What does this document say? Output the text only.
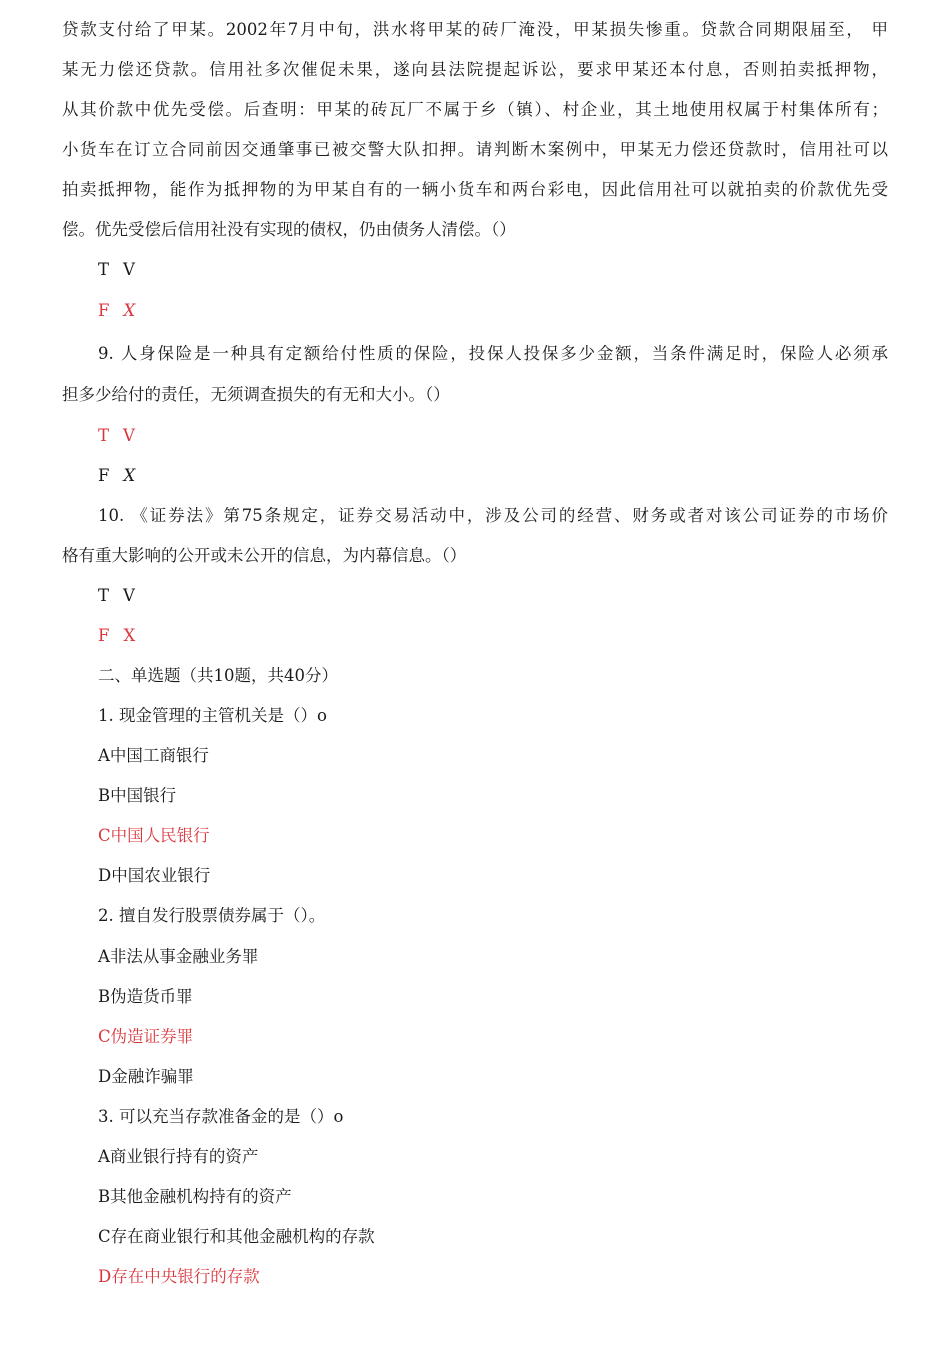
贷款支付给了甲某。2002年7月中旬，洪水将甲某的砖厂淹没，甲某损失惨重。贷款合同期限届至， 甲
某无力偿还贷款。信用社多次催促未果，遂向县法院提起诉讼，要求甲某还本付息，否则拍卖抵押物，
从其价款中优先受偿。后查明：甲某的砖瓦厂不属于乡（镇）、村企业，其土地使用权属于村集体所有；
小货车在订立合同前因交通肇事已被交警大队扣押。请判断木案例中，甲某无力偿还贷款时，信用社可以
拍卖抵押物，能作为抵押物的为甲某自有的一辆小货车和两台彩电，因此信用社可以就拍卖的价款优先受
偿。优先受偿后信用社没有实现的债权，仍由债务人清偿。（）
T V
F X
9. 人身保险是一种具有定额给付性质的保险，投保人投保多少金额，当条件满足时，保险人必须承
担多少给付的责任，无须调查损失的有无和大小。（）
T V
F X
10. 《证券法》第75条规定，证券交易活动中，涉及公司的经营、财务或者对该公司证券的市场价
格有重大影响的公开或未公开的信息，为内幕信息。（）
T V
F X
二、单选题（共10题，共40分）
1. 现金管理的主管机关是（）o
A中国工商银行
B中国银行
C中国人民银行
D中国农业银行
2. 擅自发行股票债券属于（）。
A非法从事金融业务罪
B伪造货币罪
C伪造证券罪
D金融诈骗罪
3. 可以充当存款准备金的是（）o
A商业银行持有的资产
B其他金融机构持有的资产
C存在商业银行和其他金融机构的存款
D存在中央银行的存款
